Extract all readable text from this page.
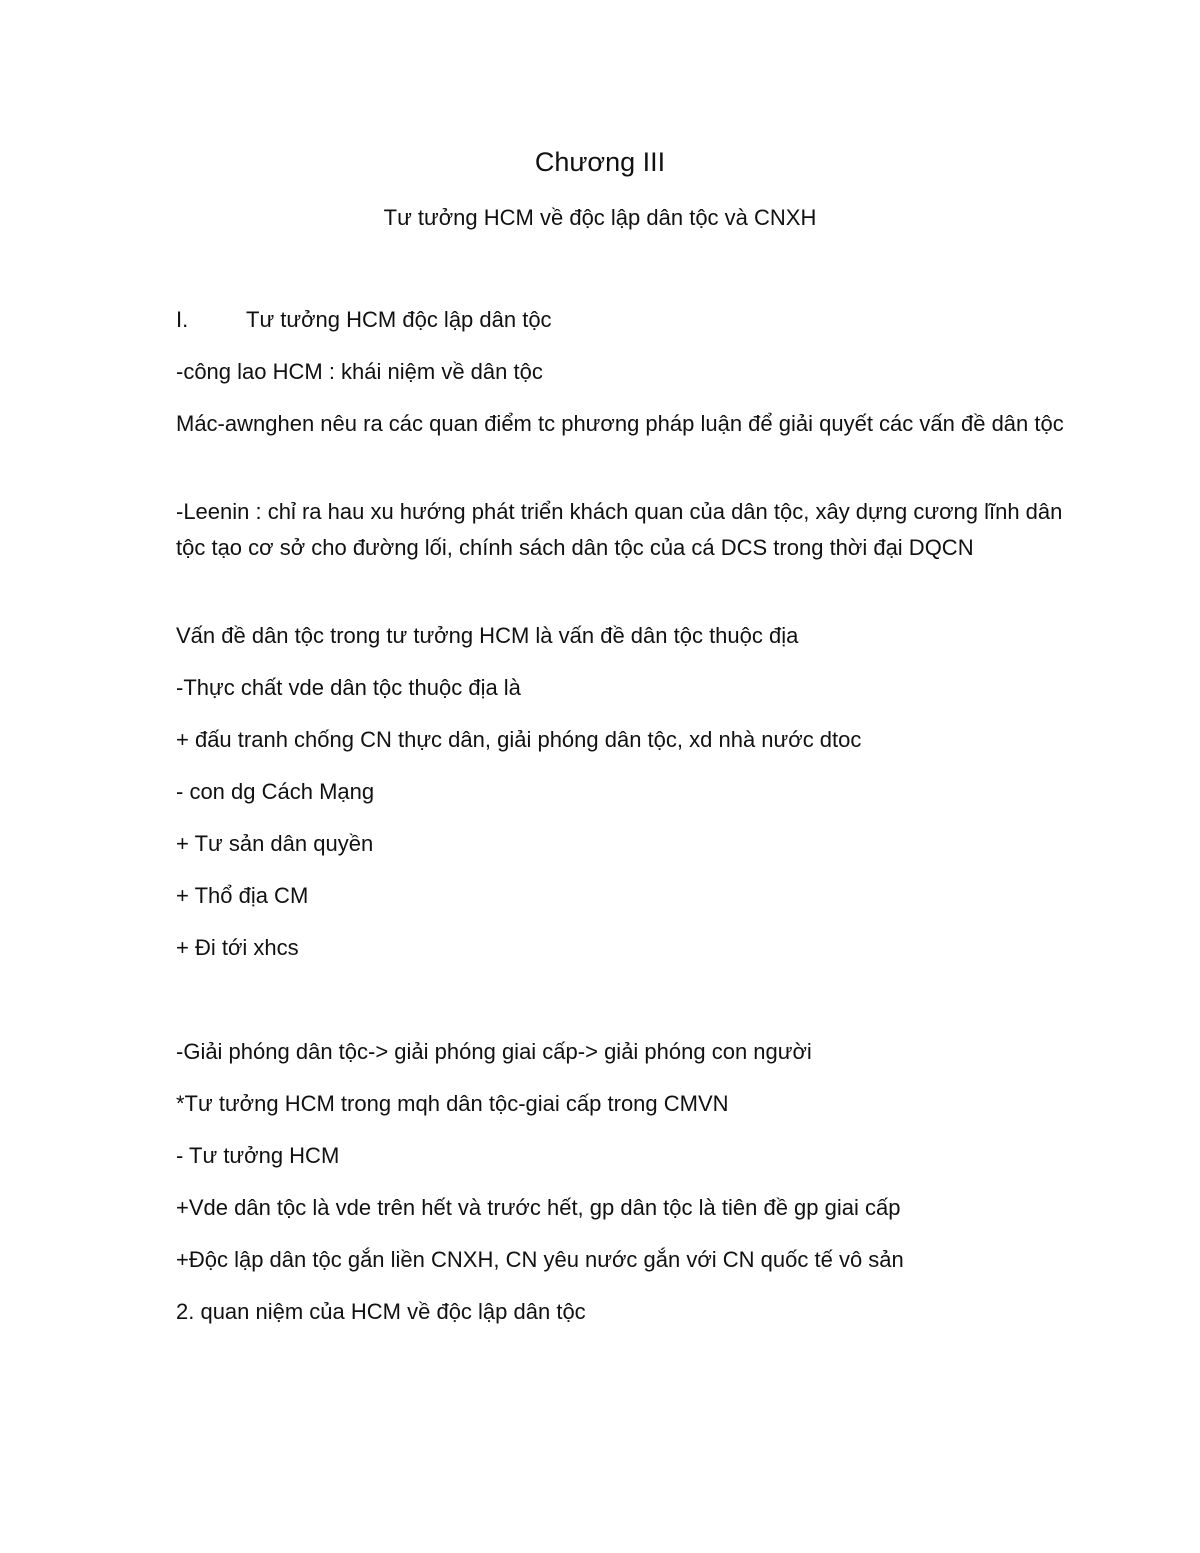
Chương III
Tư tưởng HCM về độc lập dân tộc và CNXH
I.	Tư tưởng HCM độc lập dân tộc
-công lao HCM : khái niệm về dân tộc
Mác-awnghen nêu ra các quan điểm tc phương pháp luận để giải quyết các vấn đề dân tộc
-Leenin : chỉ ra hau xu hướng phát triển khách quan của dân tộc, xây dựng cương lĩnh dân tộc tạo cơ sở cho đường lối, chính sách dân tộc của cá DCS trong thời đại DQCN
Vấn đề dân tộc trong tư tưởng HCM là vấn đề dân tộc thuộc địa
-Thực chất vde dân tộc thuộc địa là
+ đấu tranh chống CN thực dân, giải phóng dân tộc, xd nhà nước dtoc
- con dg Cách Mạng
+ Tư sản dân quyền
+ Thổ địa CM
+ Đi tới xhcs
-Giải phóng dân tộc-> giải phóng giai cấp-> giải phóng con người
*Tư tưởng HCM trong mqh dân tộc-giai cấp trong CMVN
- Tư tưởng HCM
+Vde dân tộc là vde trên hết và trước hết, gp dân tộc là tiên đề gp giai cấp
+Độc lập dân tộc gắn liền CNXH, CN yêu nước gắn với CN quốc tế vô sản
2. quan niệm của HCM về độc lập dân tộc
